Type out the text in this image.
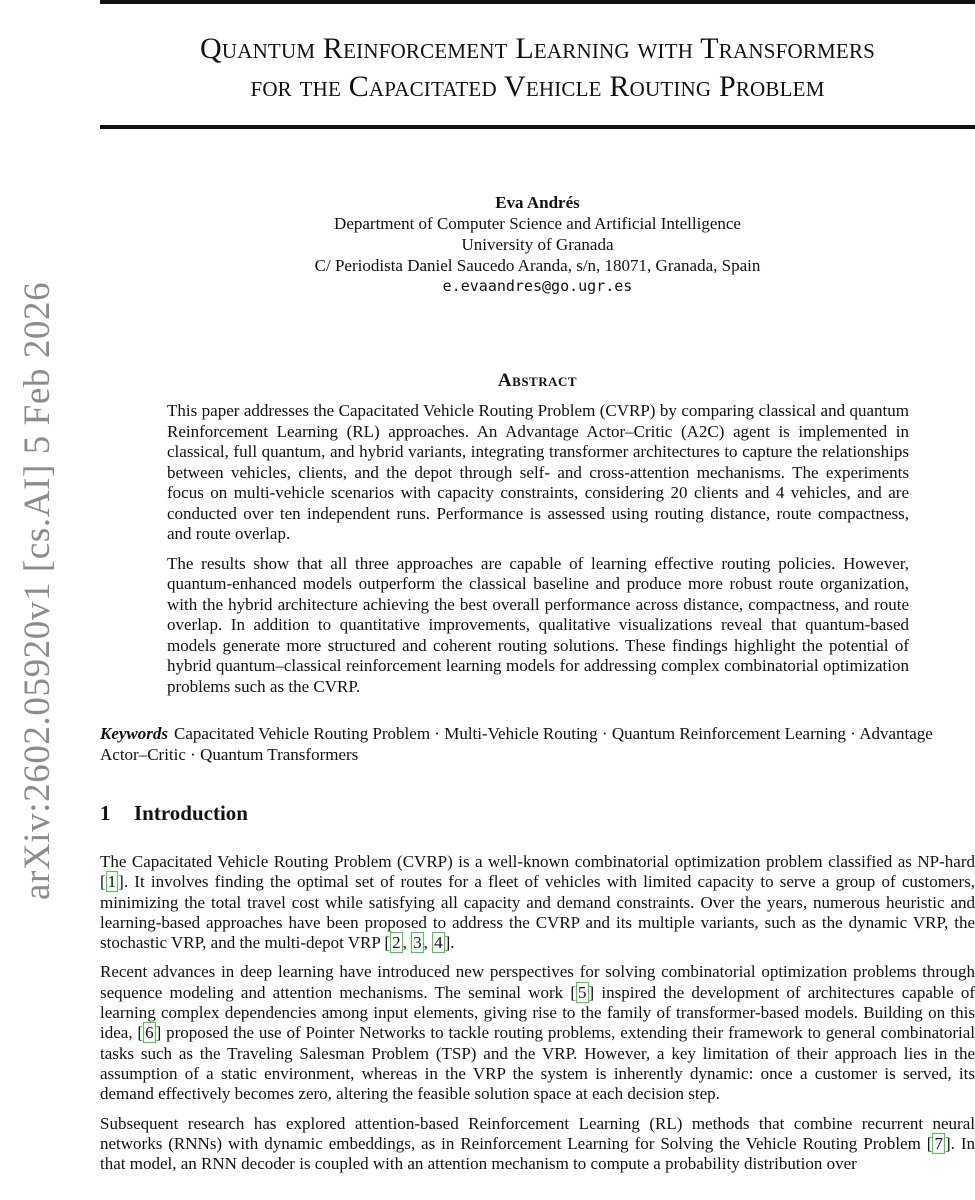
Quantum Reinforcement Learning with Transformers
for the Capacitated Vehicle Routing Problem
arXiv:2602.05920v1 [cs.AI] 5 Feb 2026
Eva Andrés
Department of Computer Science and Artificial Intelligence
University of Granada
C/ Periodista Daniel Saucedo Aranda, s/n, 18071, Granada, Spain
e.evaandres@go.ugr.es
Abstract

This paper addresses the Capacitated Vehicle Routing Problem (CVRP) by comparing classical and quantum Reinforcement Learning (RL) approaches. An Advantage Actor–Critic (A2C) agent is implemented in classical, full quantum, and hybrid variants, integrating transformer architectures to capture the relationships between vehicles, clients, and the depot through self- and cross-attention mechanisms. The experiments focus on multi-vehicle scenarios with capacity constraints, considering 20 clients and 4 vehicles, and are conducted over ten independent runs. Performance is assessed using routing distance, route compactness, and route overlap.

The results show that all three approaches are capable of learning effective routing policies. However, quantum-enhanced models outperform the classical baseline and produce more robust route organization, with the hybrid architecture achieving the best overall performance across distance, compactness, and route overlap. In addition to quantitative improvements, qualitative visualizations reveal that quantum-based models generate more structured and coherent routing solutions. These findings highlight the potential of hybrid quantum–classical reinforcement learning models for addressing complex combinatorial optimization problems such as the CVRP.

Keywords Capacitated Vehicle Routing Problem · Multi-Vehicle Routing · Quantum Reinforcement Learning · Advantage Actor–Critic · Quantum Transformers
1 Introduction

The Capacitated Vehicle Routing Problem (CVRP) is a well-known combinatorial optimization problem classified as NP-hard [ 1 ]. It involves finding the optimal set of routes for a fleet of vehicles with limited capacity to serve a group of customers, minimizing the total travel cost while satisfying all capacity and demand constraints. Over the years, numerous heuristic and learning-based approaches have been proposed to address the CVRP and its multiple variants, such as the dynamic VRP, the stochastic VRP, and the multi-depot VRP [ 2 , 3 , 4 ].

Recent advances in deep learning have introduced new perspectives for solving combinatorial optimization problems through sequence modeling and attention mechanisms. The seminal work [ 5 ] inspired the development of architectures capable of learning complex dependencies among input elements, giving rise to the family of transformer-based models. Building on this idea, [ 6 ] proposed the use of Pointer Networks to tackle routing problems, extending their framework to general combinatorial tasks such as the Traveling Salesman Problem (TSP) and the VRP. However, a key limitation of their approach lies in the assumption of a static environment, whereas in the VRP the system is inherently dynamic: once a customer is served, its demand effectively becomes zero, altering the feasible solution space at each decision step.

Subsequent research has explored attention-based Reinforcement Learning (RL) methods that combine recurrent neural networks (RNNs) with dynamic embeddings, as in Reinforcement Learning for Solving the Vehicle Routing Problem [ 7 ]. In that model, an RNN decoder is coupled with an attention mechanism to compute a probability distribution over
